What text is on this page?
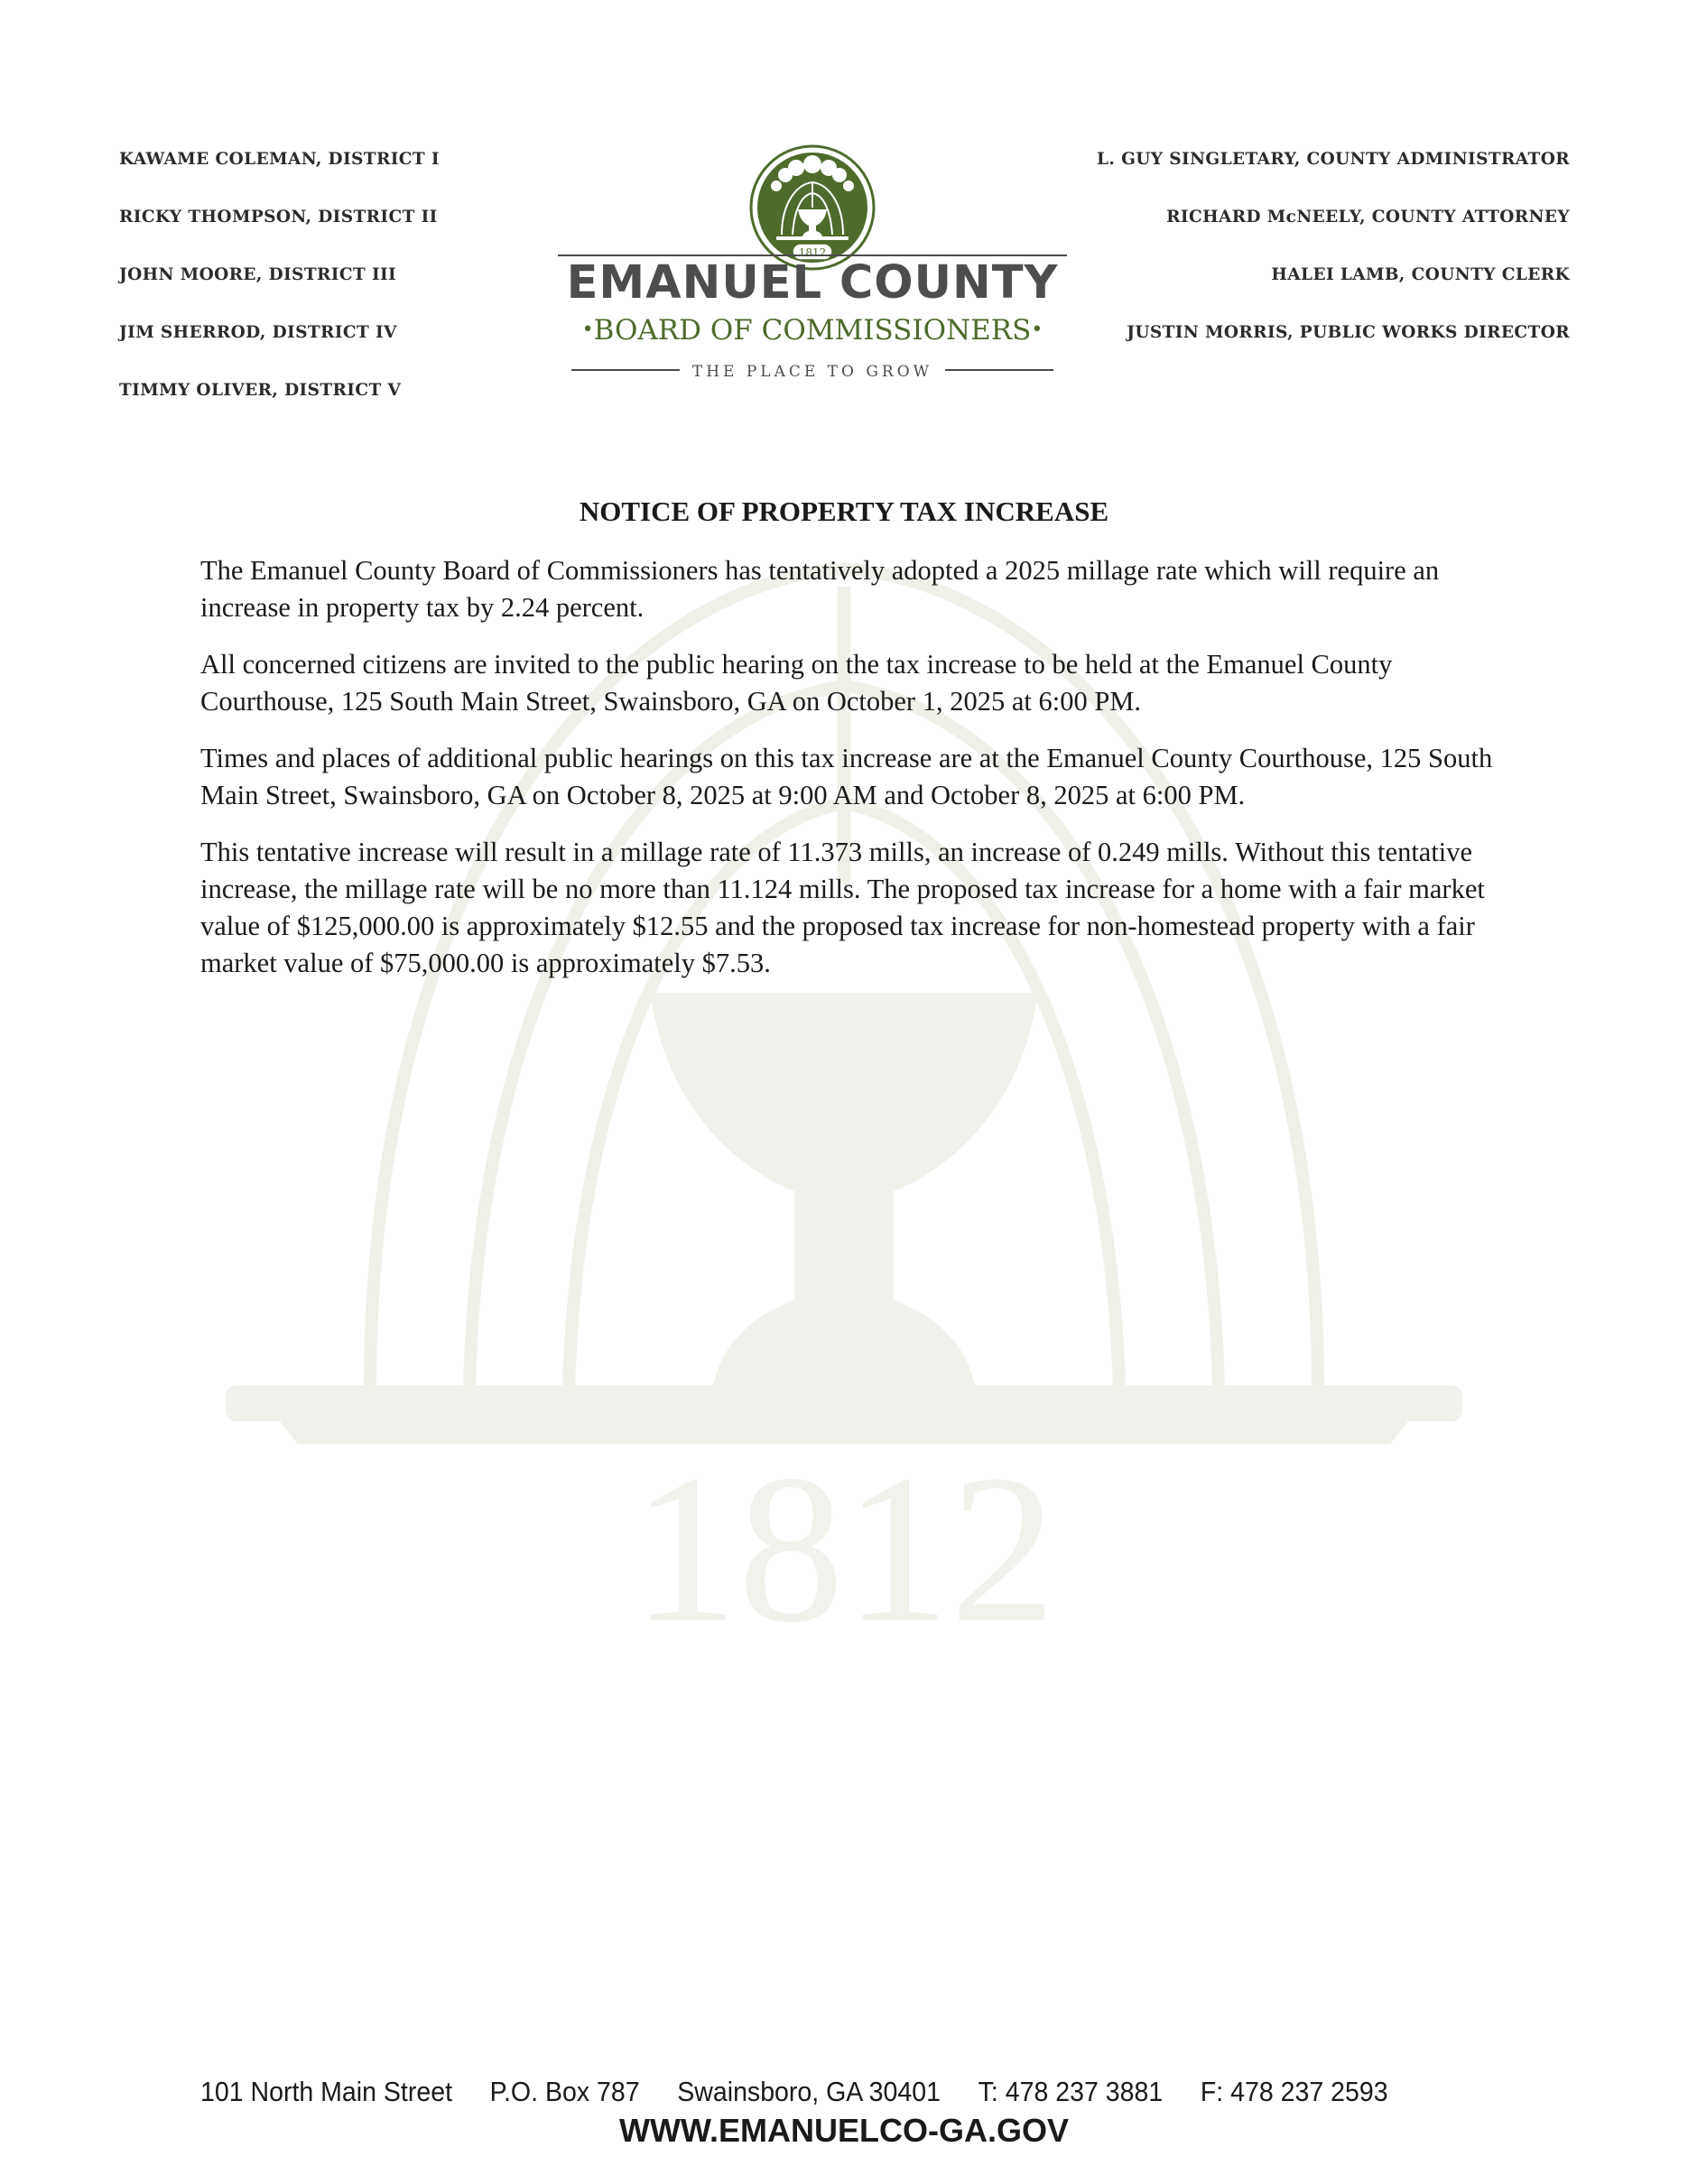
1812
KAWAME COLEMAN, DISTRICT I
RICKY THOMPSON, DISTRICT II
JOHN MOORE, DISTRICT III
JIM SHERROD, DISTRICT IV
TIMMY OLIVER, DISTRICT V
1812
EMANUEL COUNTY
•BOARD OF COMMISSIONERS•
THE PLACE TO GROW
L. GUY SINGLETARY, COUNTY ADMINISTRATOR
RICHARD McNEELY, COUNTY ATTORNEY
HALEI LAMB, COUNTY CLERK
JUSTIN MORRIS, PUBLIC WORKS DIRECTOR
NOTICE OF PROPERTY TAX INCREASE

The Emanuel County Board of Commissioners has tentatively adopted a 2025 millage rate which will require an increase in property tax by 2.24 percent.

All concerned citizens are invited to the public hearing on the tax increase to be held at the Emanuel County Courthouse, 125 South Main Street, Swainsboro, GA on October 1, 2025 at 6:00 PM.

Times and places of additional public hearings on this tax increase are at the Emanuel County Courthouse, 125 South Main Street, Swainsboro, GA on October 8, 2025 at 9:00 AM and October 8, 2025 at 6:00 PM.

This tentative increase will result in a millage rate of 11.373 mills, an increase of 0.249 mills. Without this tentative increase, the millage rate will be no more than 11.124 mills. The proposed tax increase for a home with a fair market value of $125,000.00 is approximately $12.55 and the proposed tax increase for non-homestead property with a fair market value of $75,000.00 is approximately $7.53.

101 North Main Street P.O. Box 787 Swainsboro, GA 30401 T: 478 237 3881 F: 478 237 2593
WWW.EMANUELCO-GA.GOV
